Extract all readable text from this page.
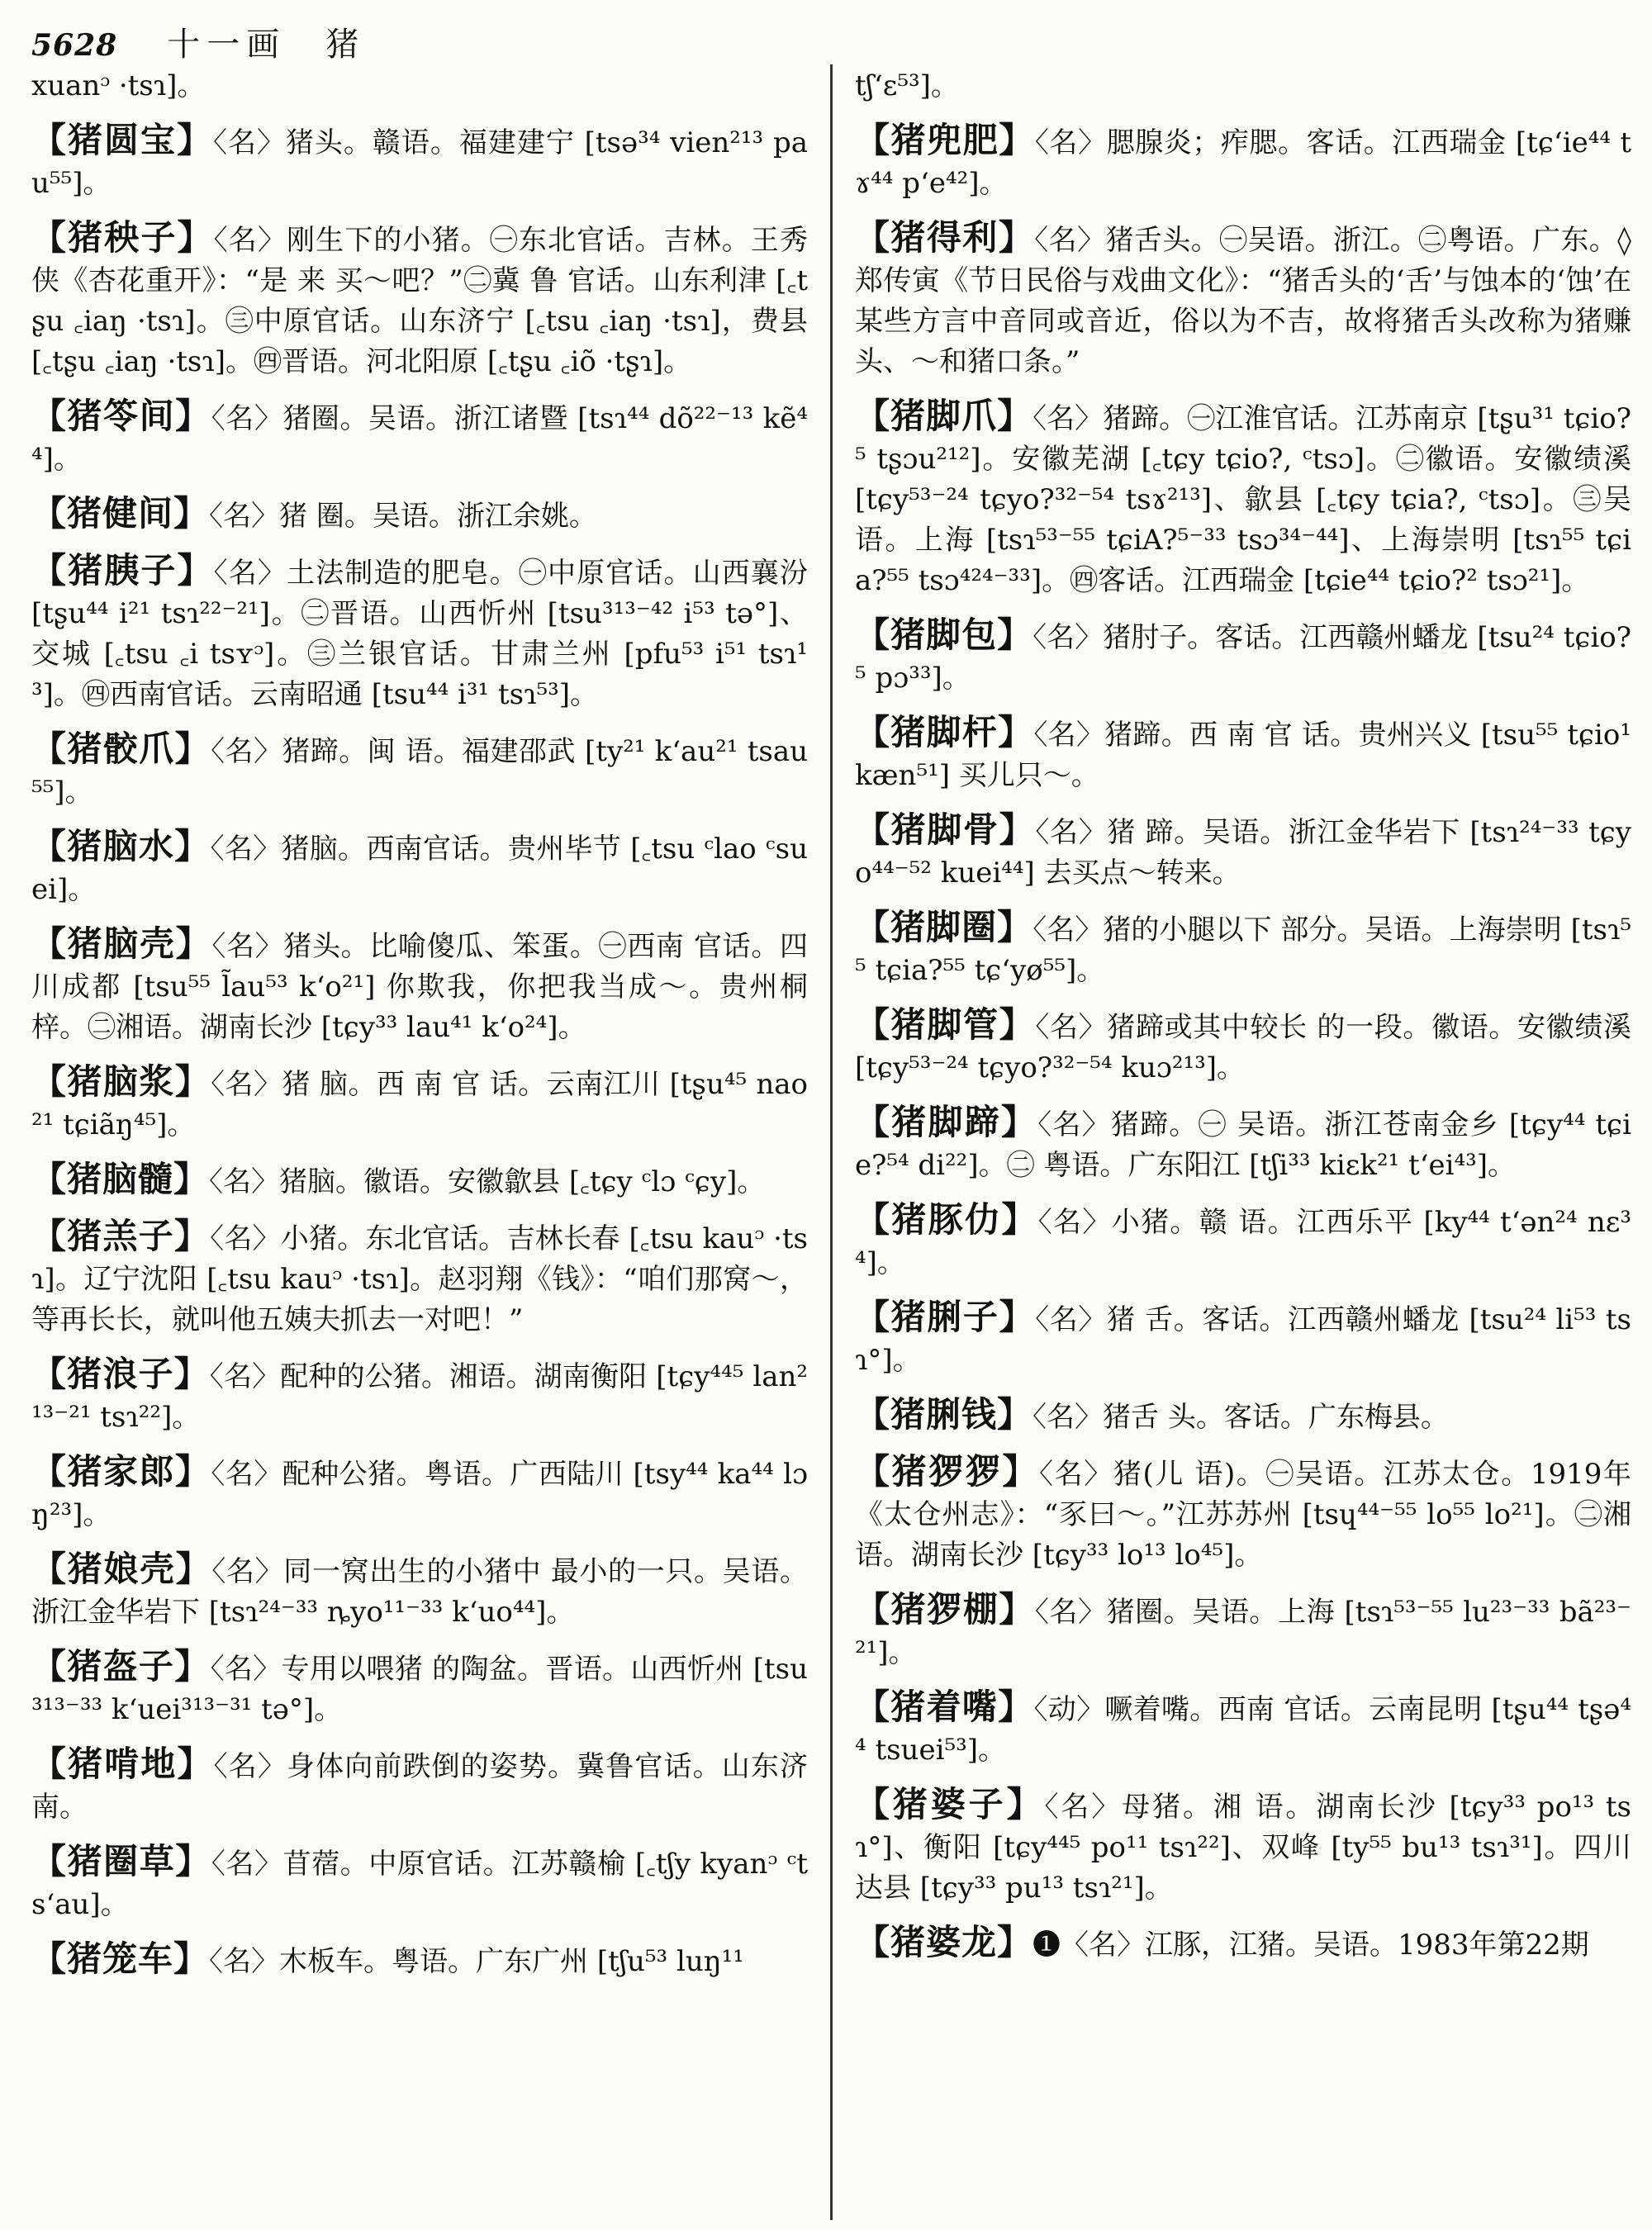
5628 十一画　猪
xuanᵓ ·tsɿ]。
【猪圆宝】〈名〉猪头。赣语。福建建宁 [tsə³⁴ vien²¹³ pau⁵⁵]。
【猪秧子】〈名〉刚生下的小猪。㊀东北官话。吉林。王秀侠《杏花重开》：“是 来 买～吧？”㊁冀 鲁 官话。山东利津 [꜀tʂu ꜀iaŋ ·tsɿ]。㊂中原官话。山东济宁 [꜀tsu ꜀iaŋ ·tsɿ]，费县 [꜀tʂu ꜀iaŋ ·tsɿ]。㊃晋语。河北阳原 [꜀tʂu ꜀iõ ·tʂɿ]。
【猪笭间】〈名〉猪圈。吴语。浙江诸暨 [tsɿ⁴⁴ dõ²²⁻¹³ kẽ⁴⁴]。
【猪健间】〈名〉猪 圈。吴语。浙江余姚。
【猪胰子】〈名〉土法制造的肥皂。㊀中原官话。山西襄汾 [tʂu⁴⁴ i²¹ tsɿ²²⁻²¹]。㊁晋语。山西忻州 [tsu³¹³⁻⁴² i⁵³ tə°]、交城 [꜀tsu ꜀i tsʏᵓ]。㊂兰银官话。甘肃兰州 [pfu⁵³ i⁵¹ tsɿ¹³]。㊃西南官话。云南昭通 [tsu⁴⁴ i³¹ tsɿ⁵³]。
【猪骹爪】〈名〉猪蹄。闽 语。福建邵武 [ty²¹ k‘au²¹ tsau⁵⁵]。
【猪脑水】〈名〉猪脑。西南官话。贵州毕节 [꜀tsu ᶜlao ᶜsuei]。
【猪脑壳】〈名〉猪头。比喻傻瓜、笨蛋。㊀西南 官话。四川成都 [tsu⁵⁵ l̃au⁵³ k‘o²¹] 你欺我，你把我当成～。贵州桐梓。㊁湘语。湖南长沙 [tɕy³³ lau⁴¹ k‘o²⁴]。
【猪脑浆】〈名〉猪 脑。西 南 官 话。云南江川 [tʂu⁴⁵ nao²¹ tɕiãŋ⁴⁵]。
【猪脑髓】〈名〉猪脑。徽语。安徽歙县 [꜀tɕy ᶜlɔ ᶜɕy]。
【猪羔子】〈名〉小猪。东北官话。吉林长春 [꜀tsu kauᵓ ·tsɿ]。辽宁沈阳 [꜀tsu kauᵓ ·tsɿ]。赵羽翔《钱》：“咱们那窝～，等再长长，就叫他五姨夫抓去一对吧！”
【猪浪子】〈名〉配种的公猪。湘语。湖南衡阳 [tɕy⁴⁴⁵ lan²¹³⁻²¹ tsɿ²²]。
【猪家郎】〈名〉配种公猪。粤语。广西陆川 [tsy⁴⁴ ka⁴⁴ lɔŋ²³]。
【猪娘壳】〈名〉同一窝出生的小猪中 最小的一只。吴语。浙江金华岩下 [tsɿ²⁴⁻³³ ȵyo¹¹⁻³³ k‘uo⁴⁴]。
【猪盔子】〈名〉专用以喂猪 的陶盆。晋语。山西忻州 [tsu³¹³⁻³³ k‘uei³¹³⁻³¹ tə°]。
【猪啃地】〈名〉身体向前跌倒的姿势。冀鲁官话。山东济南。
【猪圈草】〈名〉苜蓿。中原官话。江苏赣榆 [꜀tʃy kyanᵓ ᶜts‘au]。
【猪笼车】〈名〉木板车。粤语。广东广州 [tʃu⁵³ luŋ¹¹
tʃ‘ɛ⁵³]。
【猪兜肥】〈名〉腮腺炎；痄腮。客话。江西瑞金 [tɕ‘ie⁴⁴ tɤ⁴⁴ p‘e⁴²]。
【猪得利】〈名〉猪舌头。㊀吴语。浙江。㊁粤语。广东。◊郑传寅《节日民俗与戏曲文化》：“猪舌头的‘舌’与蚀本的‘蚀’在某些方言中音同或音近，俗以为不吉，故将猪舌头改称为猪赚头、～和猪口条。”
【猪脚爪】〈名〉猪蹄。㊀江淮官话。江苏南京 [tʂu³¹ tɕio?⁵ tʂɔu²¹²]。安徽芜湖 [꜀tɕy tɕio?, ᶜtsɔ]。㊁徽语。安徽绩溪 [tɕy⁵³⁻²⁴ tɕyo?³²⁻⁵⁴ tsɤ²¹³]、歙县 [꜀tɕy tɕia?, ᶜtsɔ]。㊂吴语。上海 [tsɿ⁵³⁻⁵⁵ tɕiA?⁵⁻³³ tsɔ³⁴⁻⁴⁴]、上海崇明 [tsɿ⁵⁵ tɕia?⁵⁵ tsɔ⁴²⁴⁻³³]。㊃客话。江西瑞金 [tɕie⁴⁴ tɕio?² tsɔ²¹]。
【猪脚包】〈名〉猪肘子。客话。江西赣州蟠龙 [tsu²⁴ tɕio?⁵ pɔ³³]。
【猪脚杆】〈名〉猪蹄。西 南 官 话。贵州兴义 [tsu⁵⁵ tɕio¹ kæn⁵¹] 买儿只～。
【猪脚骨】〈名〉猪 蹄。吴语。浙江金华岩下 [tsɿ²⁴⁻³³ tɕyo⁴⁴⁻⁵² kuei⁴⁴] 去买点～转来。
【猪脚圈】〈名〉猪的小腿以下 部分。吴语。上海崇明 [tsɿ⁵⁵ tɕia?⁵⁵ tɕ‘yø⁵⁵]。
【猪脚管】〈名〉猪蹄或其中较长 的一段。徽语。安徽绩溪 [tɕy⁵³⁻²⁴ tɕyo?³²⁻⁵⁴ kuɔ²¹³]。
【猪脚蹄】〈名〉猪蹄。㊀ 吴语。浙江苍南金乡 [tɕy⁴⁴ tɕie?⁵⁴ di²²]。㊁ 粤语。广东阳江 [tʃi³³ kiɛk²¹ t‘ei⁴³]。
【猪豚仂】〈名〉小猪。赣 语。江西乐平 [ky⁴⁴ t‘ən²⁴ nɛ³⁴]。
【猪脷子】〈名〉猪 舌。客话。江西赣州蟠龙 [tsu²⁴ li⁵³ tsɿ°]。
【猪脷钱】〈名〉猪舌 头。客话。广东梅县。
【猪猡猡】〈名〉猪(儿 语)。㊀吴语。江苏太仓。1919年《太仓州志》：“豕曰～。”江苏苏州 [tsɥ⁴⁴⁻⁵⁵ lo⁵⁵ lo²¹]。㊁湘语。湖南长沙 [tɕy³³ lo¹³ lo⁴⁵]。
【猪猡棚】〈名〉猪圈。吴语。上海 [tsɿ⁵³⁻⁵⁵ lu²³⁻³³ bã²³⁻²¹]。
【猪着嘴】〈动〉噘着嘴。西南 官话。云南昆明 [tʂu⁴⁴ tʂə⁴⁴ tsuei⁵³]。
【猪婆子】〈名〉母猪。湘 语。湖南长沙 [tɕy³³ po¹³ tsɿ°]、衡阳 [tɕy⁴⁴⁵ po¹¹ tsɿ²²]、双峰 [ty⁵⁵ bu¹³ tsɿ³¹]。四川达县 [tɕy³³ pu¹³ tsɿ²¹]。
【猪婆龙】❶〈名〉江豚，江猪。吴语。1983年第22期
